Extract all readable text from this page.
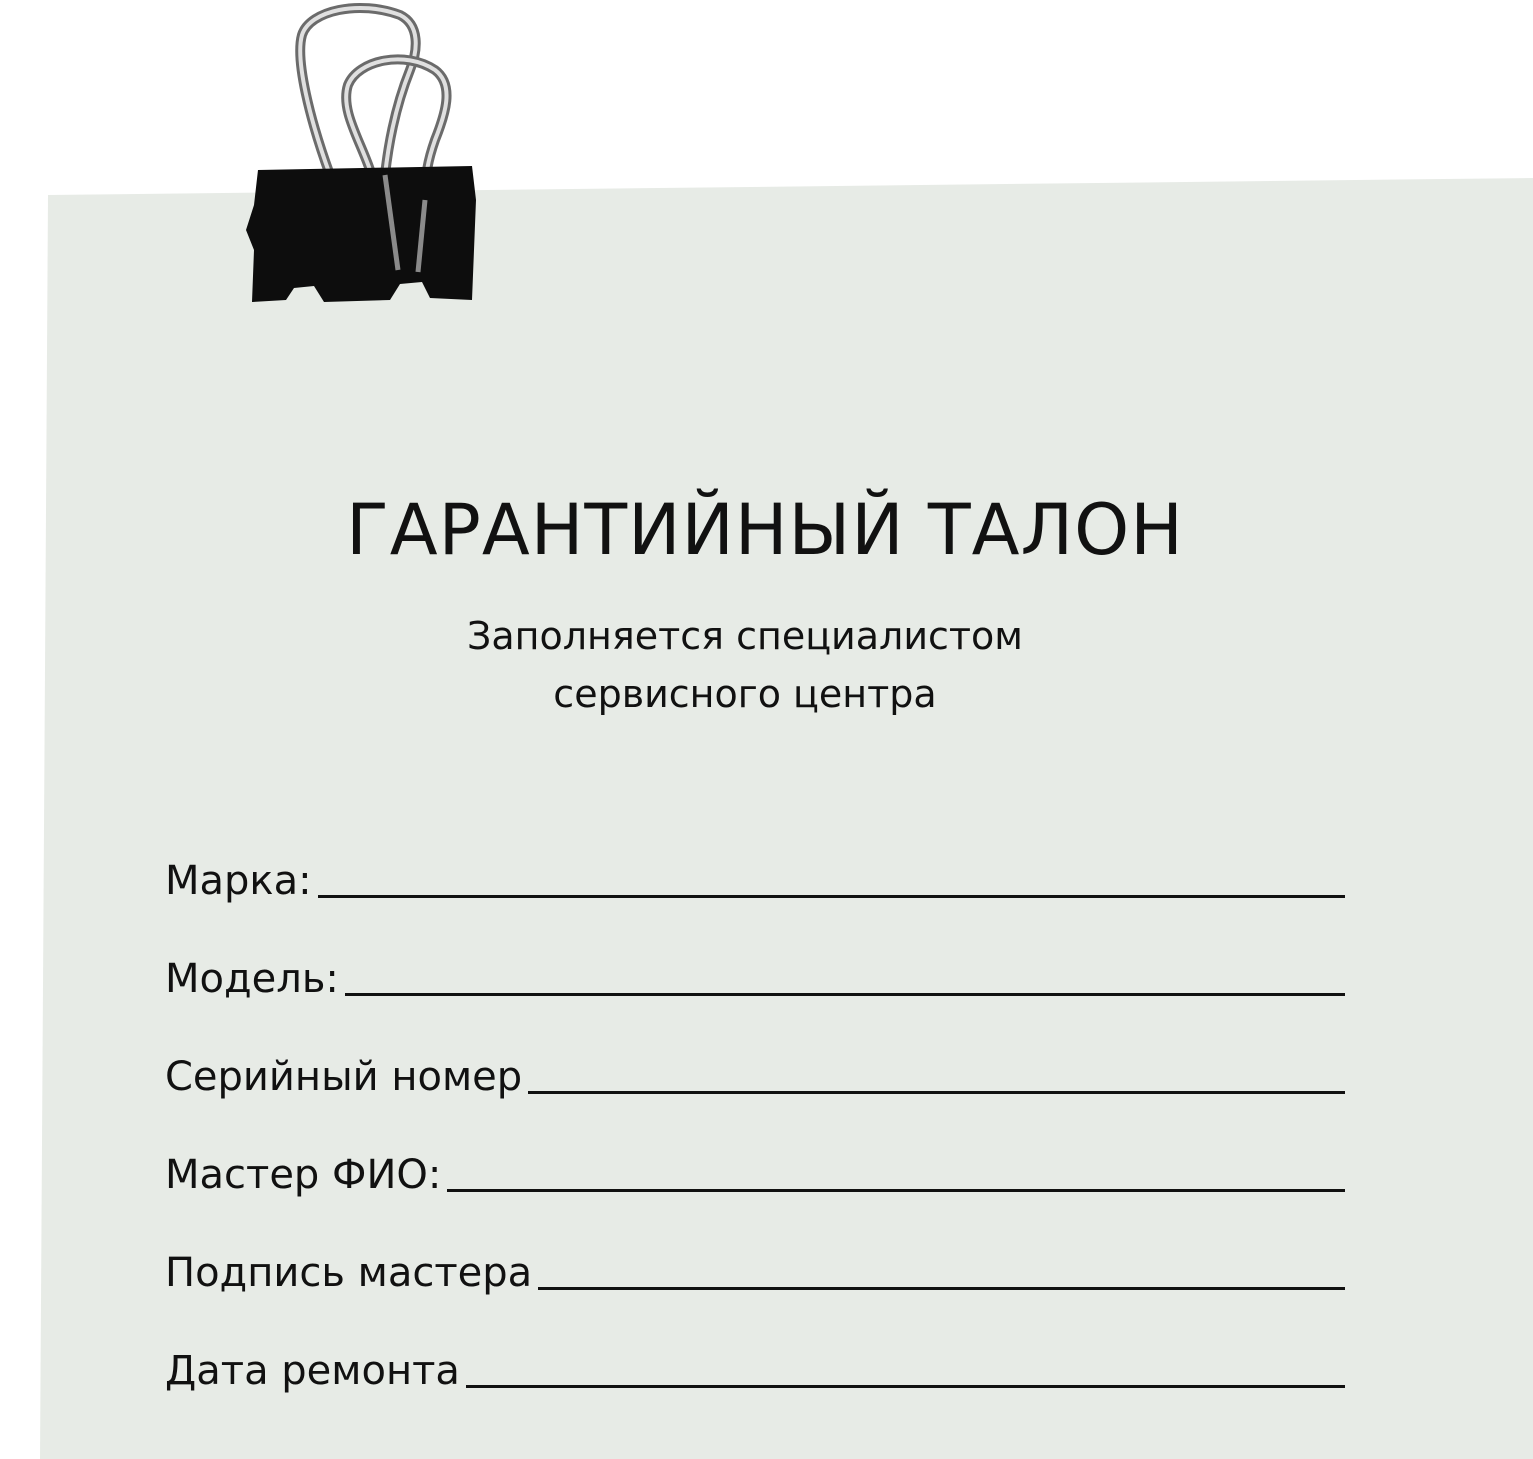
ГАРАНТИЙНЫЙ ТАЛОН
Заполняется специалистом
сервисного центра
Марка:
Модель:
Серийный номер
Мастер ФИО:
Подпись мастера
Дата ремонта
